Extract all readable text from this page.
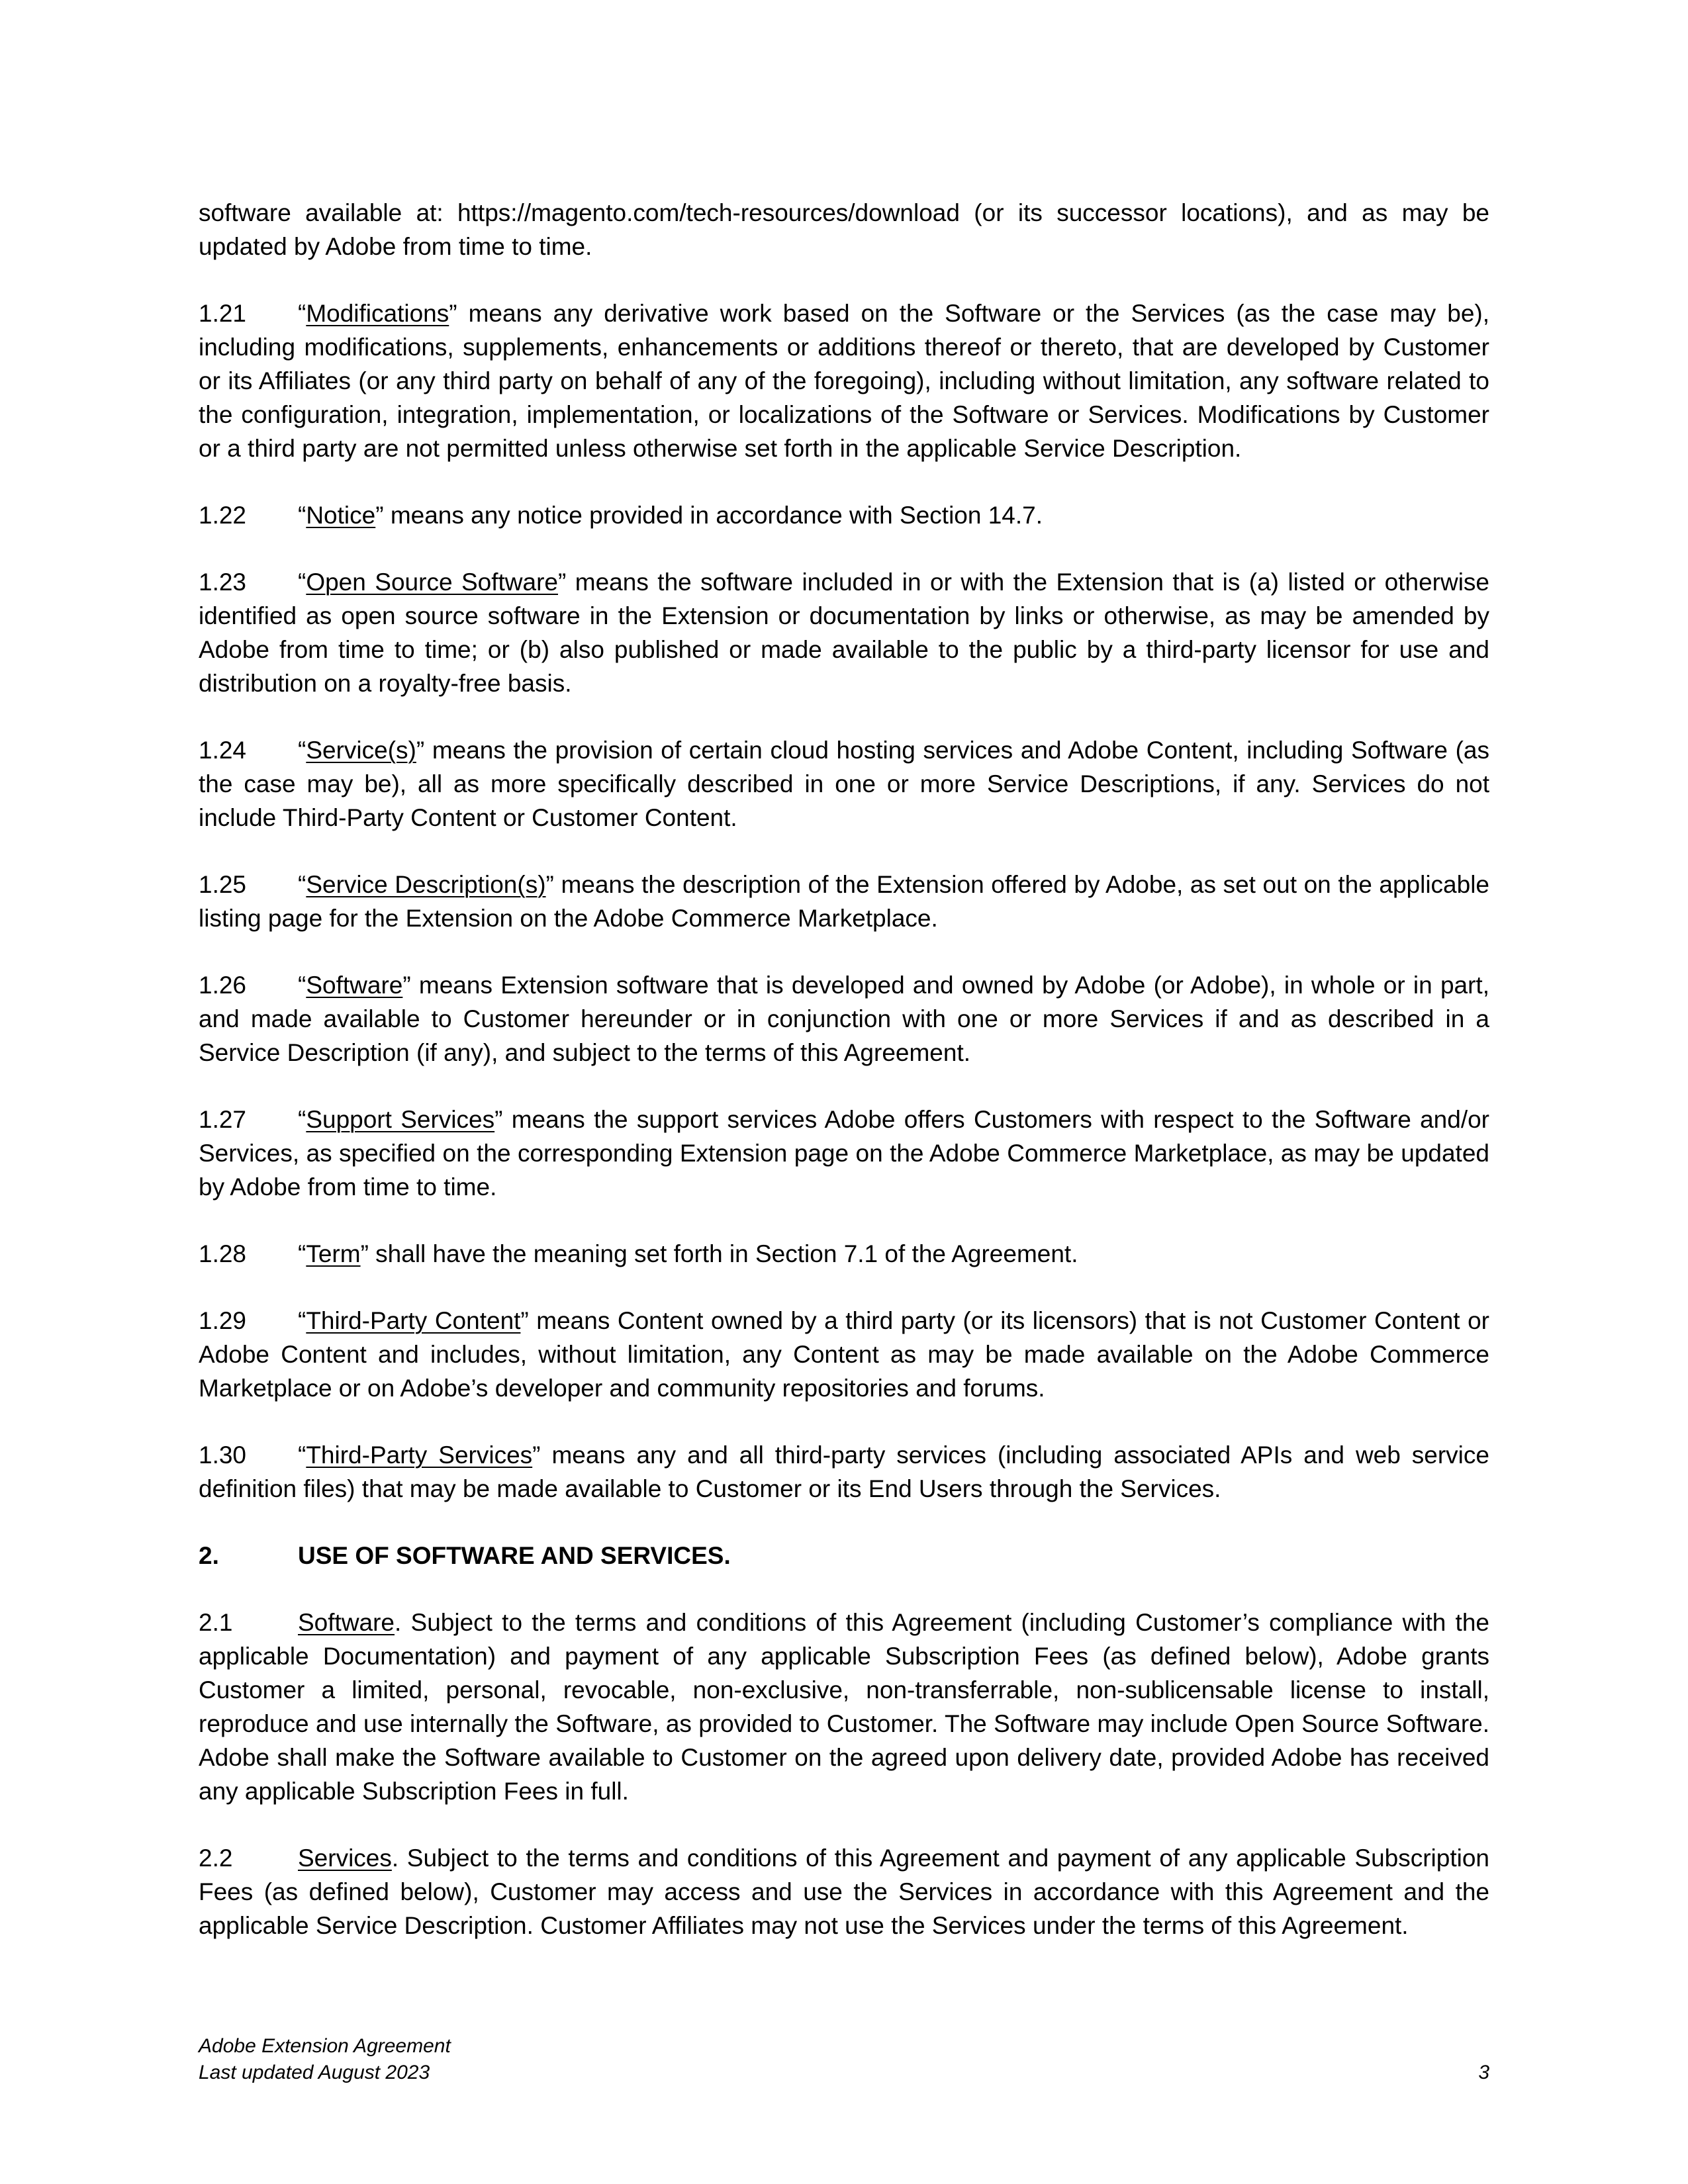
software available at: https://magento.com/tech-resources/download (or its successor locations), and as may be updated by Adobe from time to time.

1.21 “Modifications” means any derivative work based on the Software or the Services (as the case may be), including modifications, supplements, enhancements or additions thereof or thereto, that are developed by Customer or its Affiliates (or any third party on behalf of any of the foregoing), including without limitation, any software related to the configuration, integration, implementation, or localizations of the Software or Services. Modifications by Customer or a third party are not permitted unless otherwise set forth in the applicable Service Description.

1.22 “Notice” means any notice provided in accordance with Section 14.7.

1.23 “Open Source Software” means the software included in or with the Extension that is (a) listed or otherwise identified as open source software in the Extension or documentation by links or otherwise, as may be amended by Adobe from time to time; or (b) also published or made available to the public by a third-party licensor for use and distribution on a royalty-free basis.

1.24 “Service(s)” means the provision of certain cloud hosting services and Adobe Content, including Software (as the case may be), all as more specifically described in one or more Service Descriptions, if any. Services do not include Third-Party Content or Customer Content.

1.25 “Service Description(s)” means the description of the Extension offered by Adobe, as set out on the applicable listing page for the Extension on the Adobe Commerce Marketplace.

1.26 “Software” means Extension software that is developed and owned by Adobe (or Adobe), in whole or in part, and made available to Customer hereunder or in conjunction with one or more Services if and as described in a Service Description (if any), and subject to the terms of this Agreement.

1.27 “Support Services” means the support services Adobe offers Customers with respect to the Software and/or Services, as specified on the corresponding Extension page on the Adobe Commerce Marketplace, as may be updated by Adobe from time to time.

1.28 “Term” shall have the meaning set forth in Section 7.1 of the Agreement.

1.29 “Third-Party Content” means Content owned by a third party (or its licensors) that is not Customer Content or Adobe Content and includes, without limitation, any Content as may be made available on the Adobe Commerce Marketplace or on Adobe’s developer and community repositories and forums.

1.30 “Third-Party Services” means any and all third-party services (including associated APIs and web service definition files) that may be made available to Customer or its End Users through the Services.

2.	USE OF SOFTWARE AND SERVICES.

2.1	Software. Subject to the terms and conditions of this Agreement (including Customer’s compliance with the applicable Documentation) and payment of any applicable Subscription Fees (as defined below), Adobe grants Customer a limited, personal, revocable, non-exclusive, non-transferrable, non-sublicensable license to install, reproduce and use internally the Software, as provided to Customer. The Software may include Open Source Software. Adobe shall make the Software available to Customer on the agreed upon delivery date, provided Adobe has received any applicable Subscription Fees in full.

2.2	Services. Subject to the terms and conditions of this Agreement and payment of any applicable Subscription Fees (as defined below), Customer may access and use the Services in accordance with this Agreement and the applicable Service Description. Customer Affiliates may not use the Services under the terms of this Agreement.

Adobe Extension Agreement
Last updated August 2023	3
